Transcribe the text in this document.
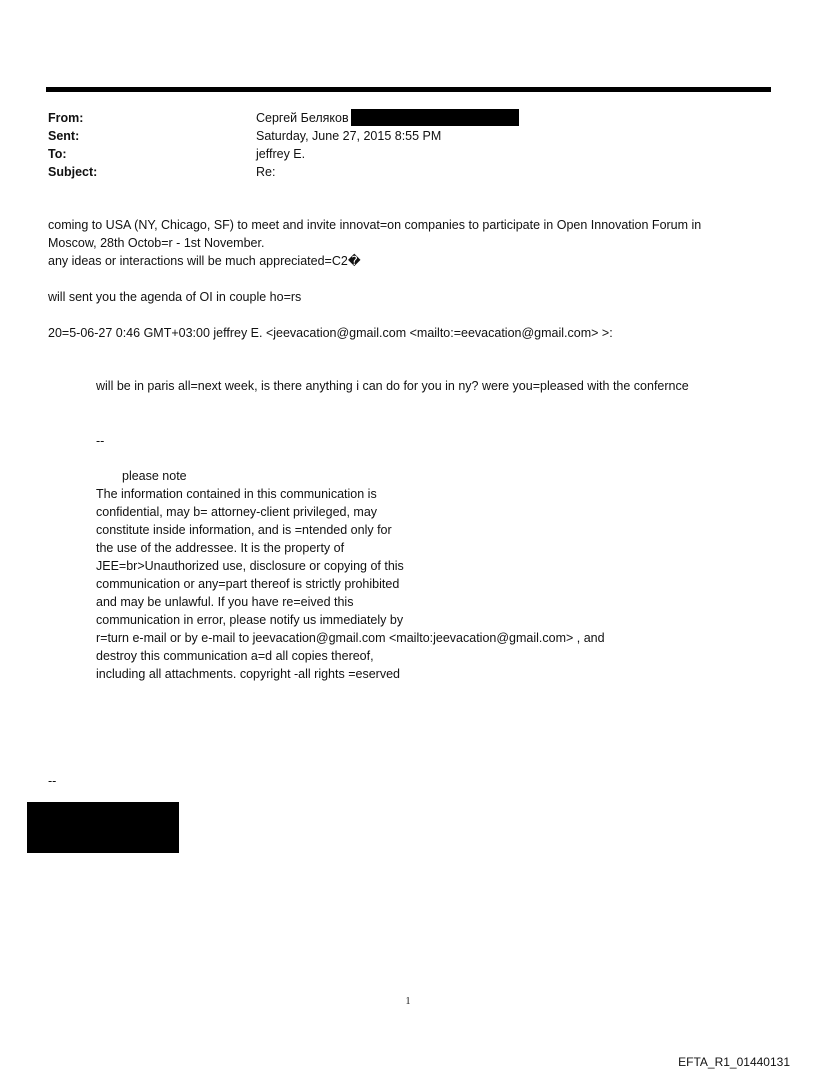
From:	Сергей Беляков
Sent:	Saturday, June 27, 2015 8:55 PM
To:	jeffrey E.
Subject:	Re:
coming to USA (NY, Chicago, SF) to meet and invite innovat=on companies to participate in Open Innovation Forum in
Moscow, 28th Octob=r - 1st November.
any ideas or interactions will be much appreciated=C2�
will sent you the agenda of OI in couple ho=rs
20=5-06-27 0:46 GMT+03:00 jeffrey E. <jeevacation@gmail.com <mailto:=eevacation@gmail.com> >:
will be in paris all=next week, is there anything i can do for you in ny? were you=pleased with the confernce
--
please note
The information contained in this communication is
confidential, may b= attorney-client privileged, may
constitute inside information, and is =ntended only for
the use of the addressee. It is the property of
JEE=br>Unauthorized use, disclosure or copying of this
communication or any=part thereof is strictly prohibited
and may be unlawful. If you have re=eived this
communication in error, please notify us immediately by
r=turn e-mail or by e-mail to jeevacation@gmail.com <mailto:jeevacation@gmail.com> , and
destroy this communication a=d all copies thereof,
including all attachments. copyright -all rights =eserved
--
1
EFTA_R1_01440131
